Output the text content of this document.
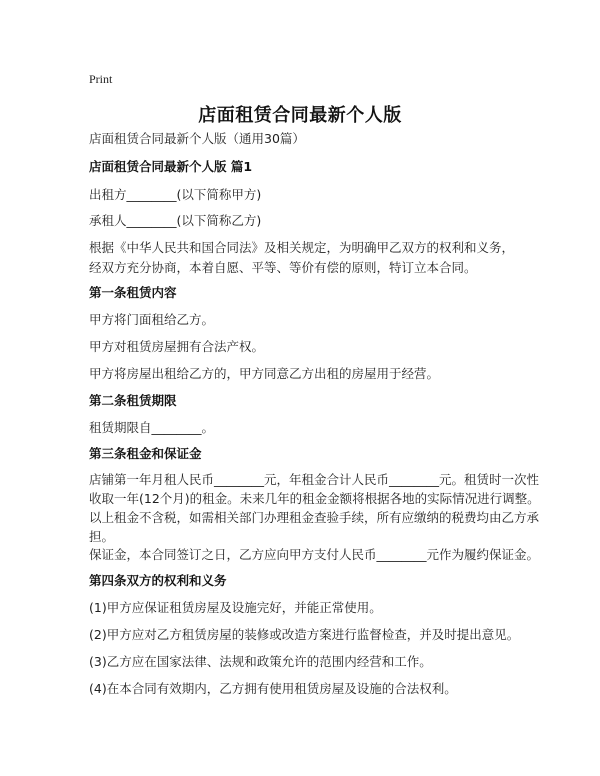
Print
店面租赁合同最新个人版
店面租赁合同最新个人版（通用30篇）
店面租赁合同最新个人版 篇1
出租方________(以下简称甲方)
承租人________(以下简称乙方)
根据《中华人民共和国合同法》及相关规定，为明确甲乙双方的权利和义务，经双方充分协商，本着自愿、平等、等价有偿的原则，特订立本合同。
第一条租赁内容
甲方将门面租给乙方。
甲方对租赁房屋拥有合法产权。
甲方将房屋出租给乙方的，甲方同意乙方出租的房屋用于经营。
第二条租赁期限
租赁期限自________。
第三条租金和保证金
店铺第一年月租人民币________元，年租金合计人民币________元。租赁时一次性
收取一年(12个月)的租金。未来几年的租金金额将根据各地的实际情况进行调整。
以上租金不含税，如需相关部门办理租金查验手续，所有应缴纳的税费均由乙方承
担。
保证金，本合同签订之日，乙方应向甲方支付人民币________元作为履约保证金。
第四条双方的权利和义务
(1)甲方应保证租赁房屋及设施完好，并能正常使用。
(2)甲方应对乙方租赁房屋的装修或改造方案进行监督检查，并及时提出意见。
(3)乙方应在国家法律、法规和政策允许的范围内经营和工作。
(4)在本合同有效期内，乙方拥有使用租赁房屋及设施的合法权利。
